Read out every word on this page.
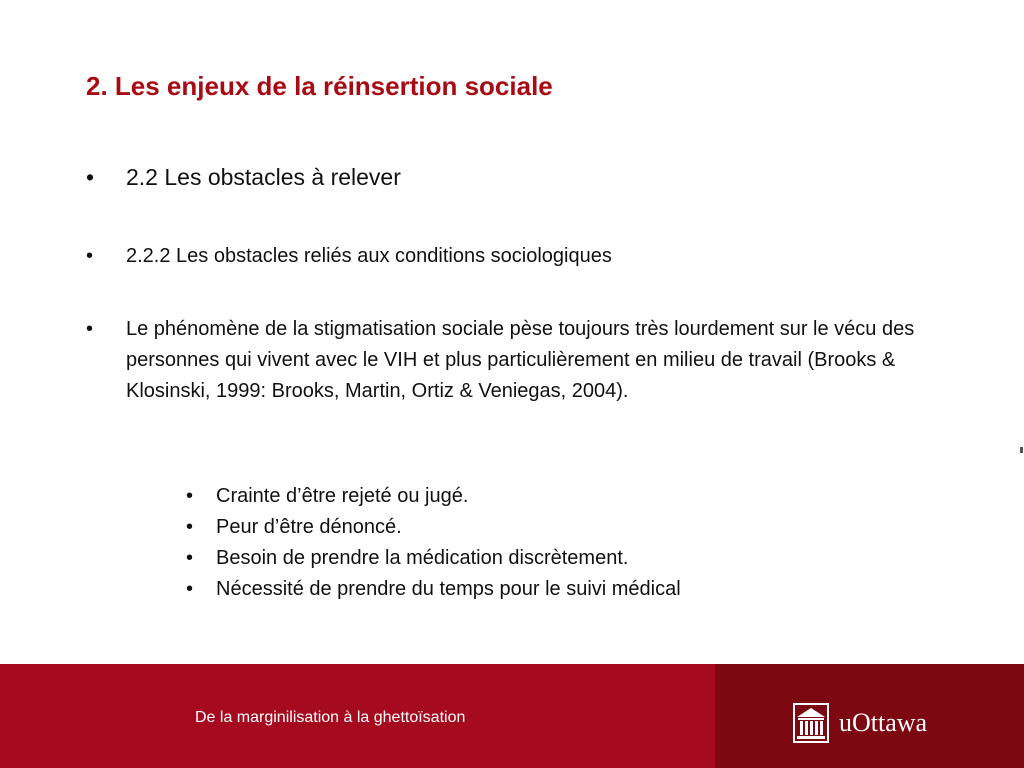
2. Les enjeux de la réinsertion sociale
•	2.2 Les obstacles à relever
•	2.2.2 Les obstacles reliés aux conditions sociologiques
•	Le phénomène de la stigmatisation sociale pèse toujours très lourdement sur le vécu des personnes qui vivent avec le VIH et plus particulièrement en milieu de travail (Brooks & Klosinski, 1999: Brooks, Martin, Ortiz & Veniegas, 2004).
•	Crainte d’être rejeté ou jugé.
•	Peur d’être dénoncé.
•	Besoin de prendre la médication discrètement.
•	Nécessité de prendre du temps pour le suivi médical
De la marginilisation à la ghettoïsation	uOttawa
